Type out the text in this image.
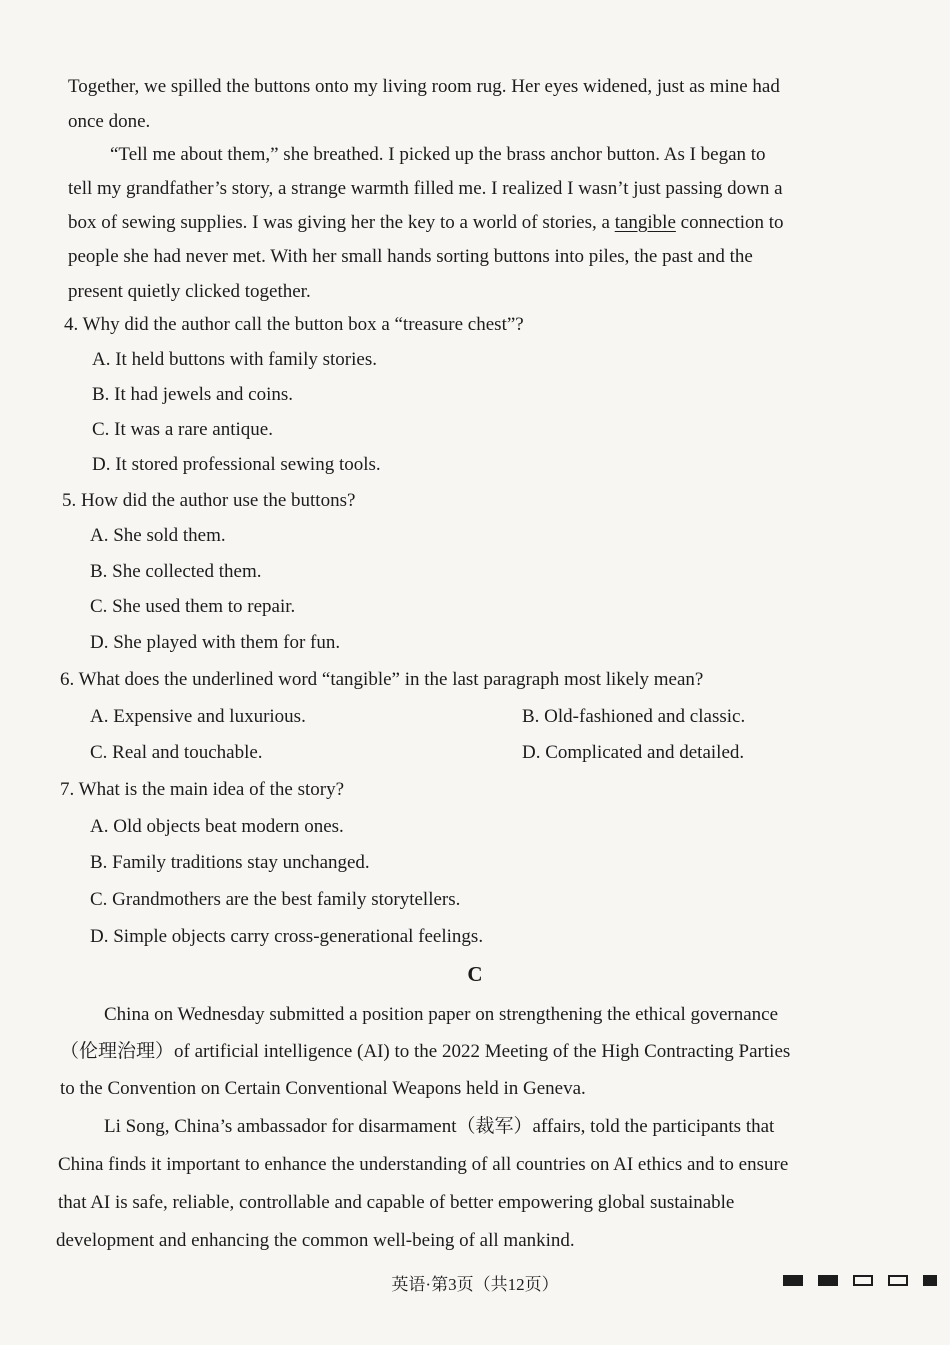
Together, we spilled the buttons onto my living room rug. Her eyes widened, just as mine had
once done.
“Tell me about them,” she breathed. I picked up the brass anchor button. As I began to
tell my grandfather’s story, a strange warmth filled me. I realized I wasn’t just passing down a
box of sewing supplies. I was giving her the key to a world of stories, a tangible connection to
people she had never met. With her small hands sorting buttons into piles, the past and the
present quietly clicked together.
4. Why did the author call the button box a “treasure chest”?
A. It held buttons with family stories.
B. It had jewels and coins.
C. It was a rare antique.
D. It stored professional sewing tools.
5. How did the author use the buttons?
A. She sold them.
B. She collected them.
C. She used them to repair.
D. She played with them for fun.
6. What does the underlined word “tangible” in the last paragraph most likely mean?
A. Expensive and luxurious.	B. Old-fashioned and classic.
C. Real and touchable.	D. Complicated and detailed.
7. What is the main idea of the story?
A. Old objects beat modern ones.
B. Family traditions stay unchanged.
C. Grandmothers are the best family storytellers.
D. Simple objects carry cross-generational feelings.
C
China on Wednesday submitted a position paper on strengthening the ethical governance
（伦理治理）of artificial intelligence (AI) to the 2022 Meeting of the High Contracting Parties
to the Convention on Certain Conventional Weapons held in Geneva.
Li Song, China’s ambassador for disarmament（裁军）affairs, told the participants that
China finds it important to enhance the understanding of all countries on AI ethics and to ensure
that AI is safe, reliable, controllable and capable of better empowering global sustainable
development and enhancing the common well-being of all mankind.
英语·第3页（共12页）
